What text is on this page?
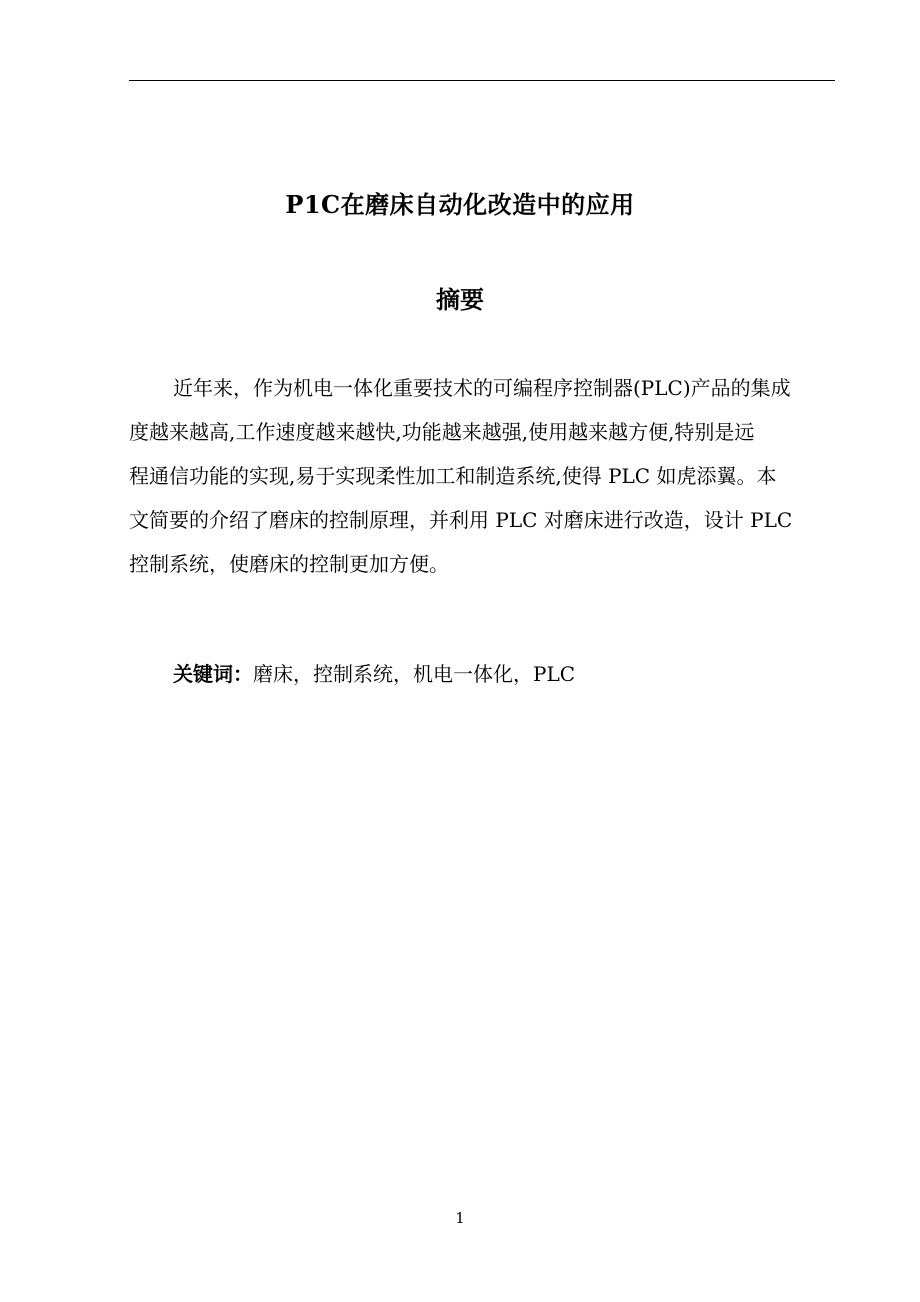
P1C在磨床自动化改造中的应用
摘要

近年来，作为机电一体化重要技术的可编程序控制器(PLC)产品的集成
度越来越高,工作速度越来越快,功能越来越强,使用越来越方便,特别是远
程通信功能的实现,易于实现柔性加工和制造系统,使得 PLC 如虎添翼。本
文简要的介绍了磨床的控制原理，并利用 PLC 对磨床进行改造，设计 PLC
控制系统，使磨床的控制更加方便。

关键词：磨床，控制系统，机电一体化，PLC
1
